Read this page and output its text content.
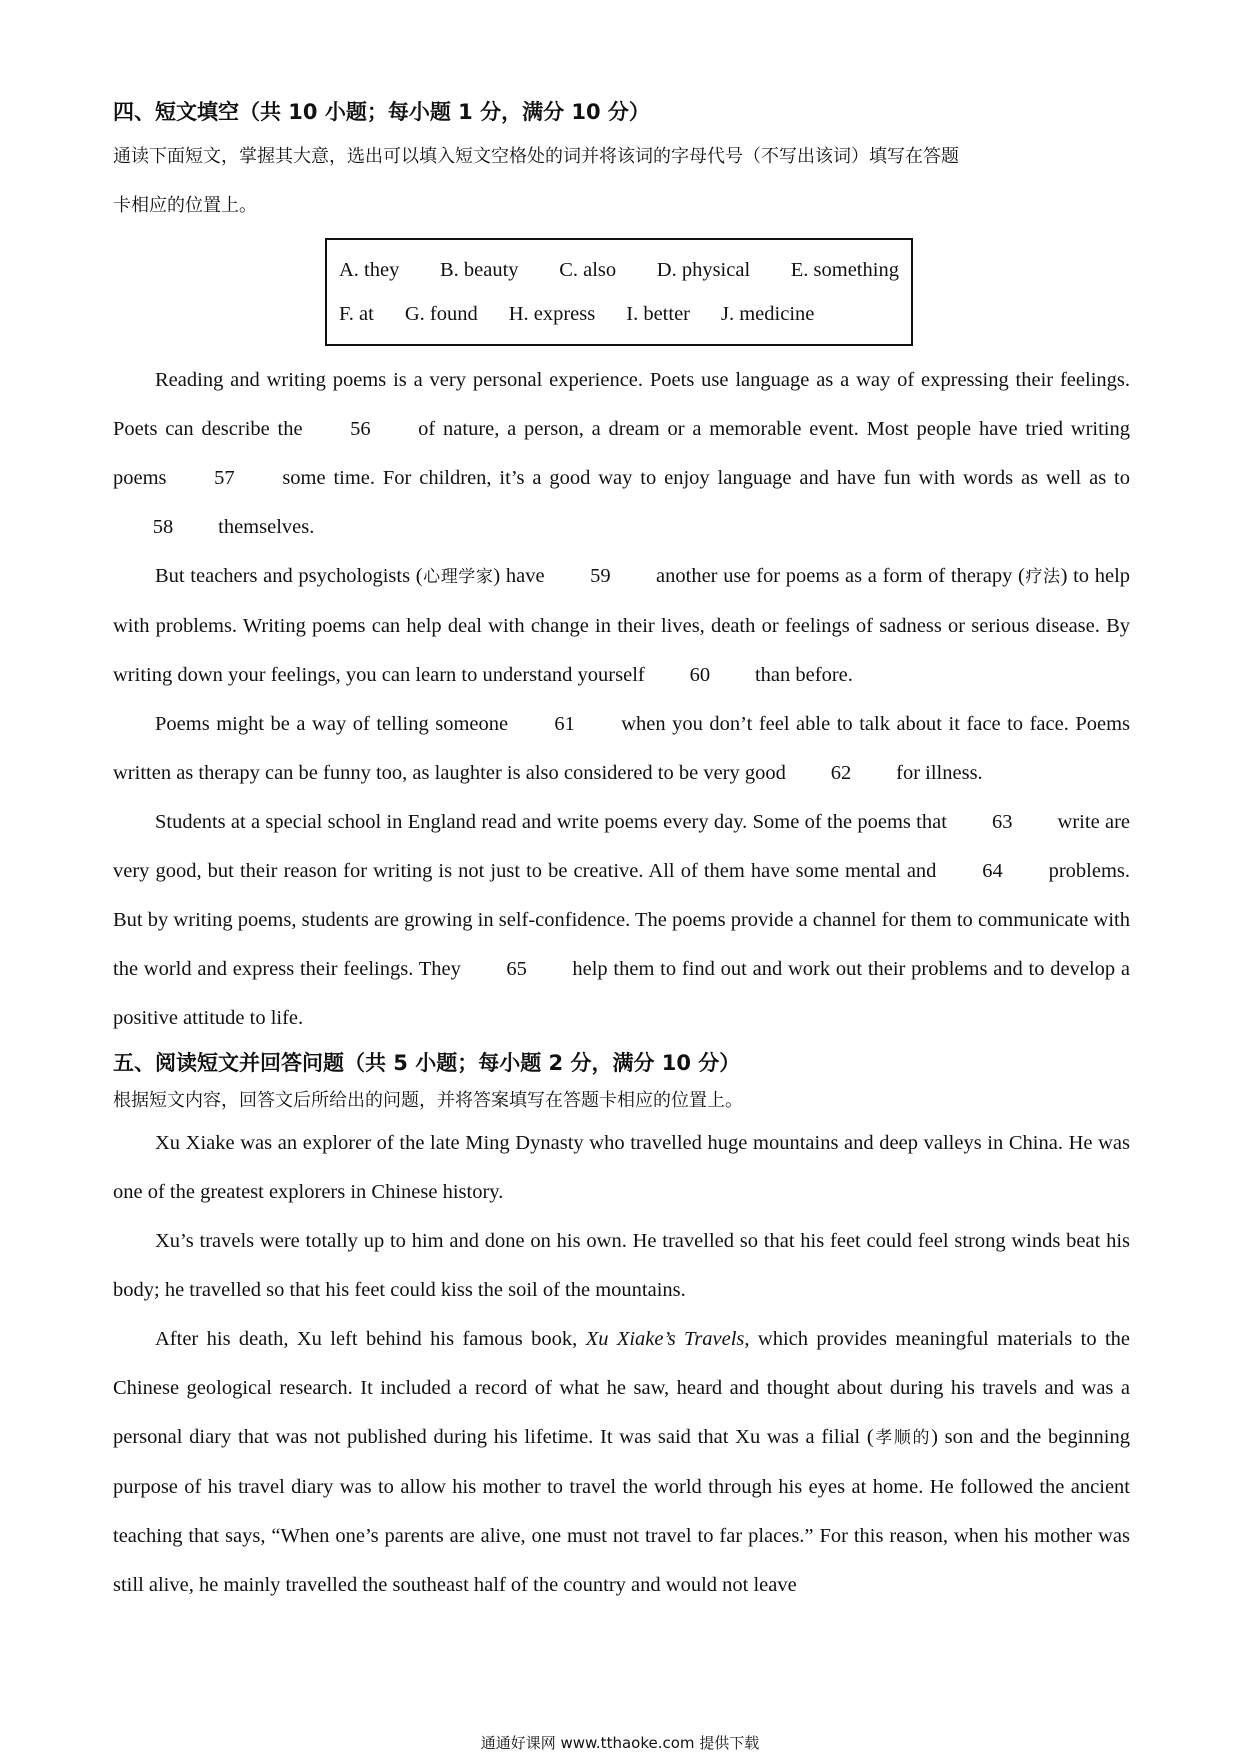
四、短文填空（共 10 小题；每小题 1 分，满分 10 分）

通读下面短文，掌握其大意，选出可以填入短文空格处的词并将该词的字母代号（不写出该词）填写在答题
卡相应的位置上。

A. they B. beauty C. also D. physical E. something
F. at G. found H. express I. better J. medicine

Reading and writing poems is a very personal experience. Poets use language as a way of expressing their feelings. Poets can describe the 56 of nature, a person, a dream or a memorable event. Most people have tried writing poems 57 some time. For children, it’s a good way to enjoy language and have fun with words as well as to 58 themselves.

But teachers and psychologists (心理学家) have 59 another use for poems as a form of therapy (疗法) to help with problems. Writing poems can help deal with change in their lives, death or feelings of sadness or serious disease. By writing down your feelings, you can learn to understand yourself 60 than before.

Poems might be a way of telling someone 61 when you don’t feel able to talk about it face to face. Poems written as therapy can be funny too, as laughter is also considered to be very good 62 for illness.

Students at a special school in England read and write poems every day. Some of the poems that 63 write are very good, but their reason for writing is not just to be creative. All of them have some mental and 64 problems. But by writing poems, students are growing in self-confidence. The poems provide a channel for them to communicate with the world and express their feelings. They 65 help them to find out and work out their problems and to develop a positive attitude to life.

五、阅读短文并回答问题（共 5 小题；每小题 2 分，满分 10 分）

根据短文内容，回答文后所给出的问题，并将答案填写在答题卡相应的位置上。

Xu Xiake was an explorer of the late Ming Dynasty who travelled huge mountains and deep valleys in China. He was one of the greatest explorers in Chinese history.

Xu’s travels were totally up to him and done on his own. He travelled so that his feet could feel strong winds beat his body; he travelled so that his feet could kiss the soil of the mountains.

After his death, Xu left behind his famous book, Xu Xiake’s Travels, which provides meaningful materials to the Chinese geological research. It included a record of what he saw, heard and thought about during his travels and was a personal diary that was not published during his lifetime. It was said that Xu was a filial (孝顺的) son and the beginning purpose of his travel diary was to allow his mother to travel the world through his eyes at home. He followed the ancient teaching that says, “When one’s parents are alive, one must not travel to far places.” For this reason, when his mother was still alive, he mainly travelled the southeast half of the country and would not leave

通通好课网 www.tthaoke.com 提供下载
